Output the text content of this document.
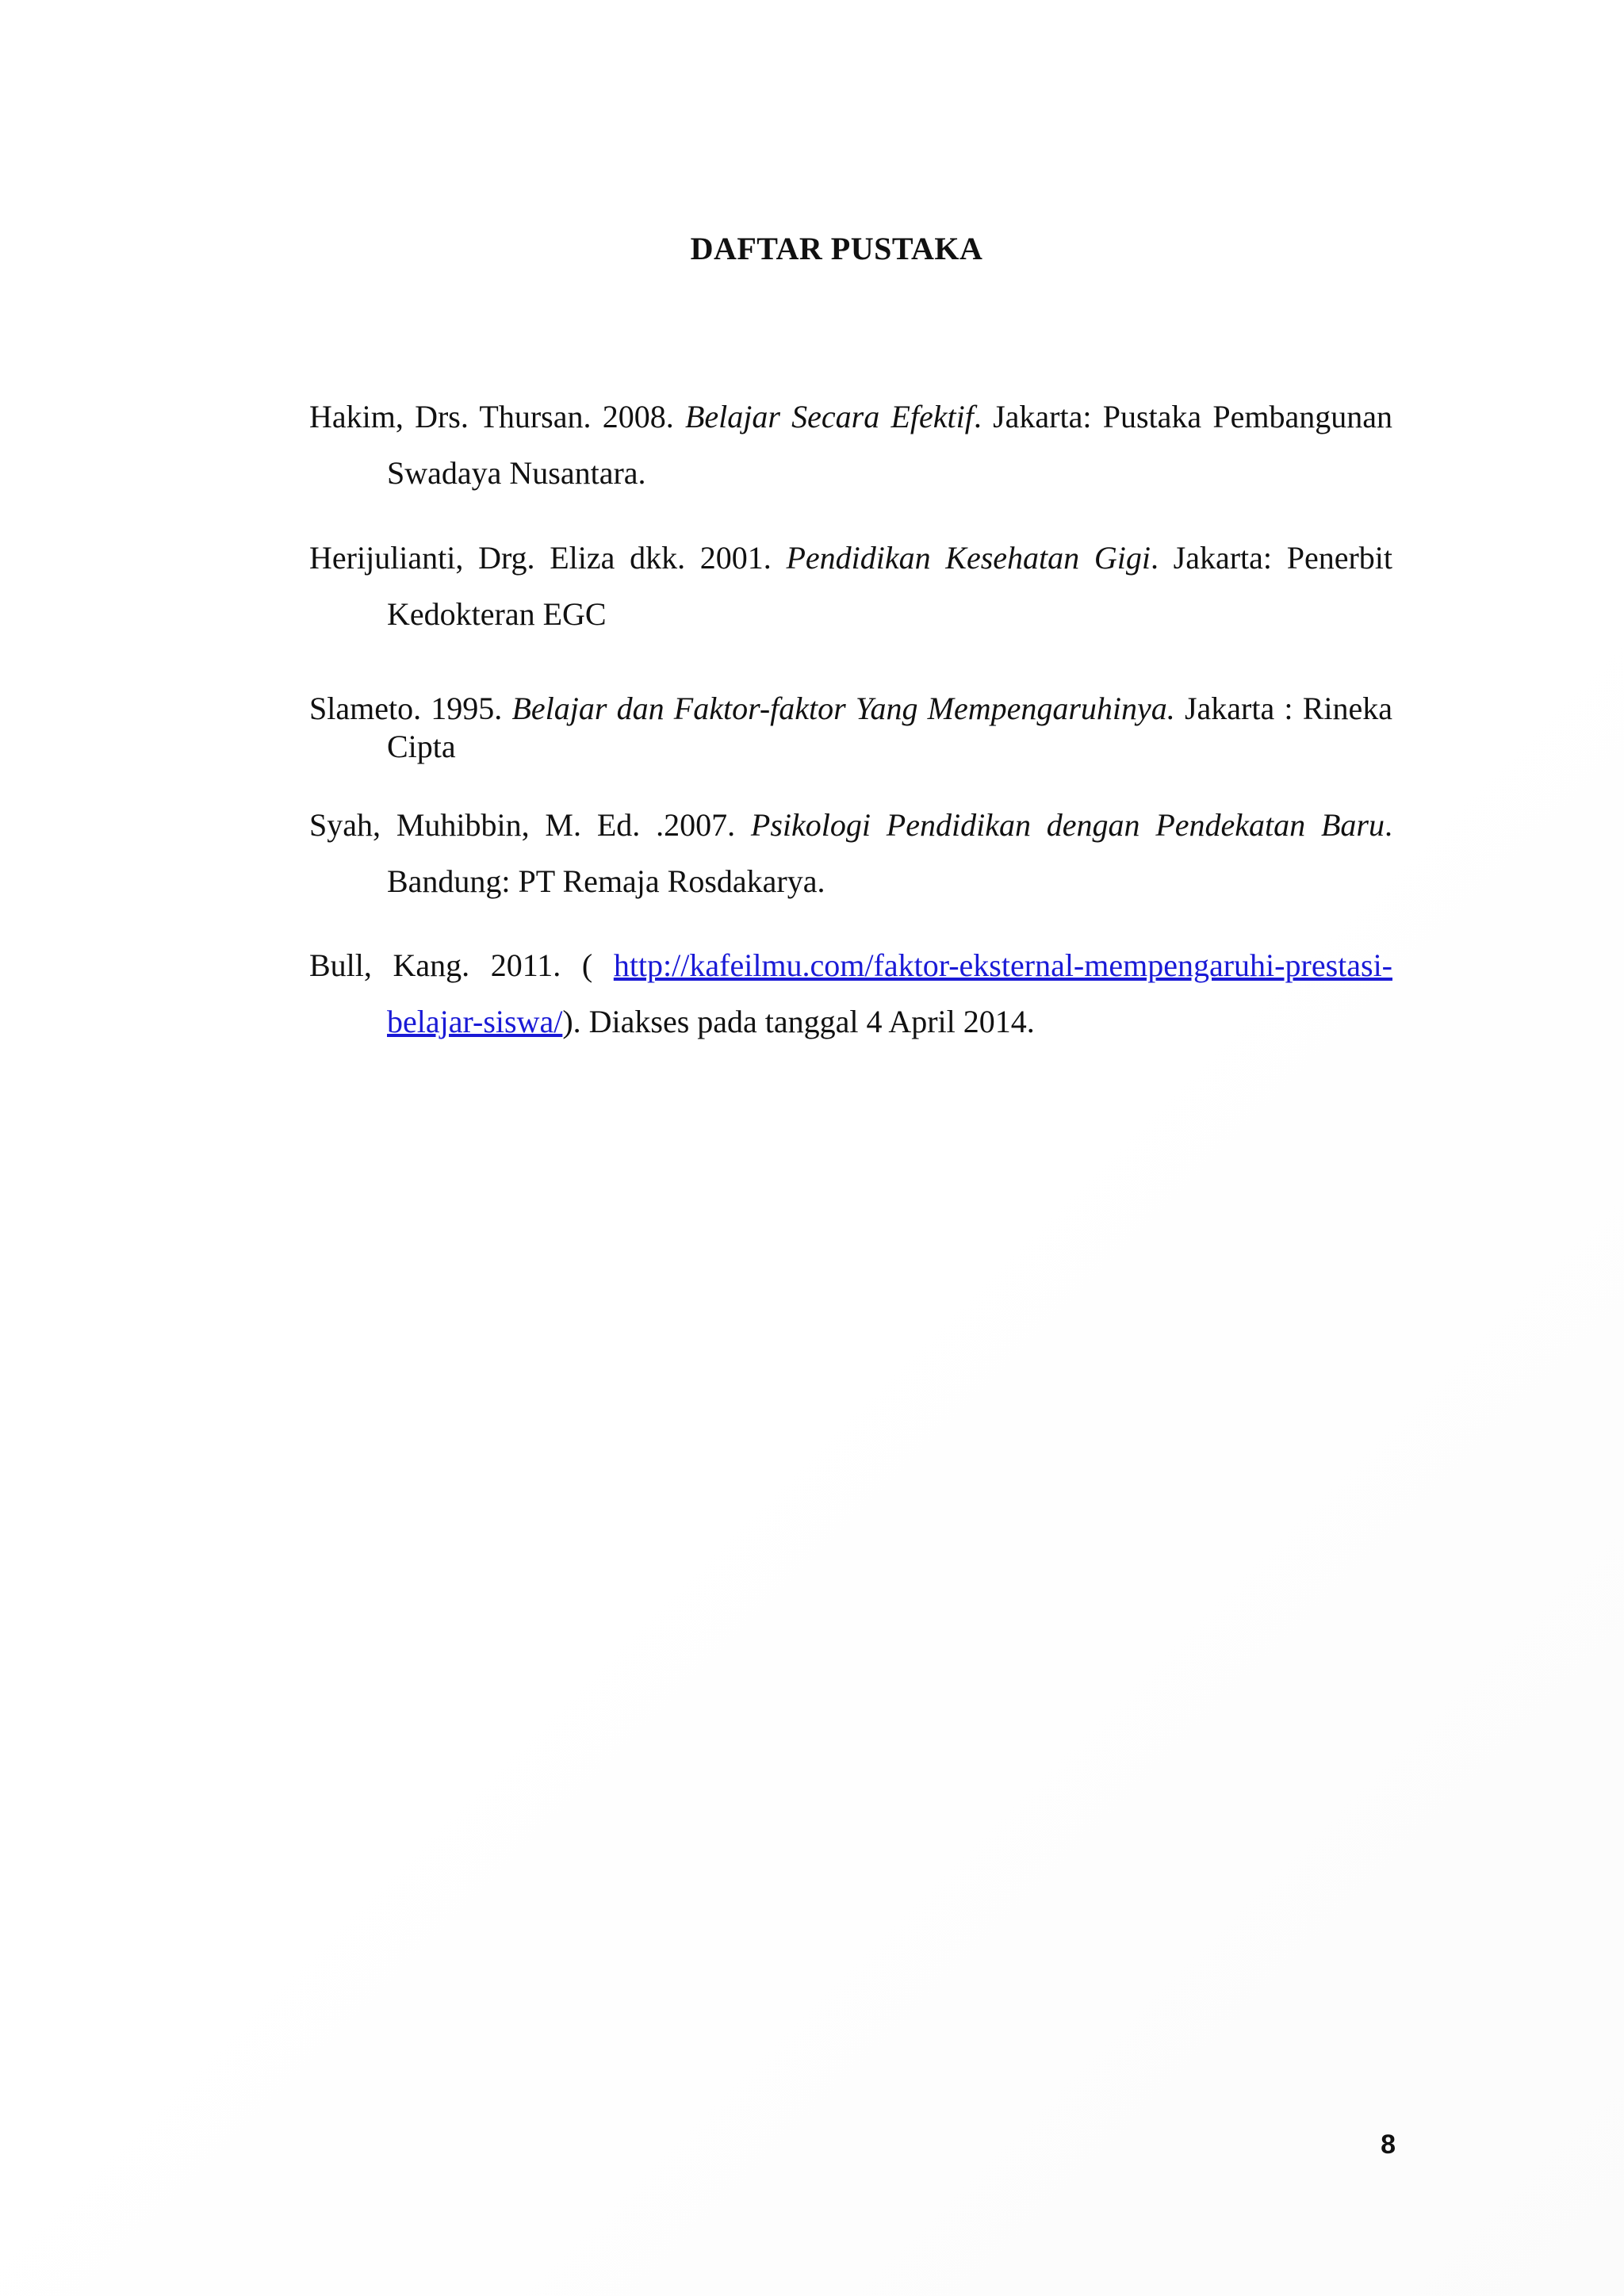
DAFTAR PUSTAKA

Hakim, Drs. Thursan. 2008. Belajar Secara Efektif. Jakarta: Pustaka Pembangunan Swadaya Nusantara.

Herijulianti, Drg. Eliza dkk. 2001. Pendidikan Kesehatan Gigi. Jakarta: Penerbit Kedokteran EGC

Slameto. 1995. Belajar dan Faktor-faktor Yang Mempengaruhinya. Jakarta : Rineka Cipta

Syah, Muhibbin, M. Ed. .2007. Psikologi Pendidikan dengan Pendekatan Baru. Bandung: PT Remaja Rosdakarya.

Bull, Kang. 2011. ( http://kafeilmu.com/faktor-eksternal-mempengaruhi-prestasi-belajar-siswa/). Diakses pada tanggal 4 April 2014.

8
